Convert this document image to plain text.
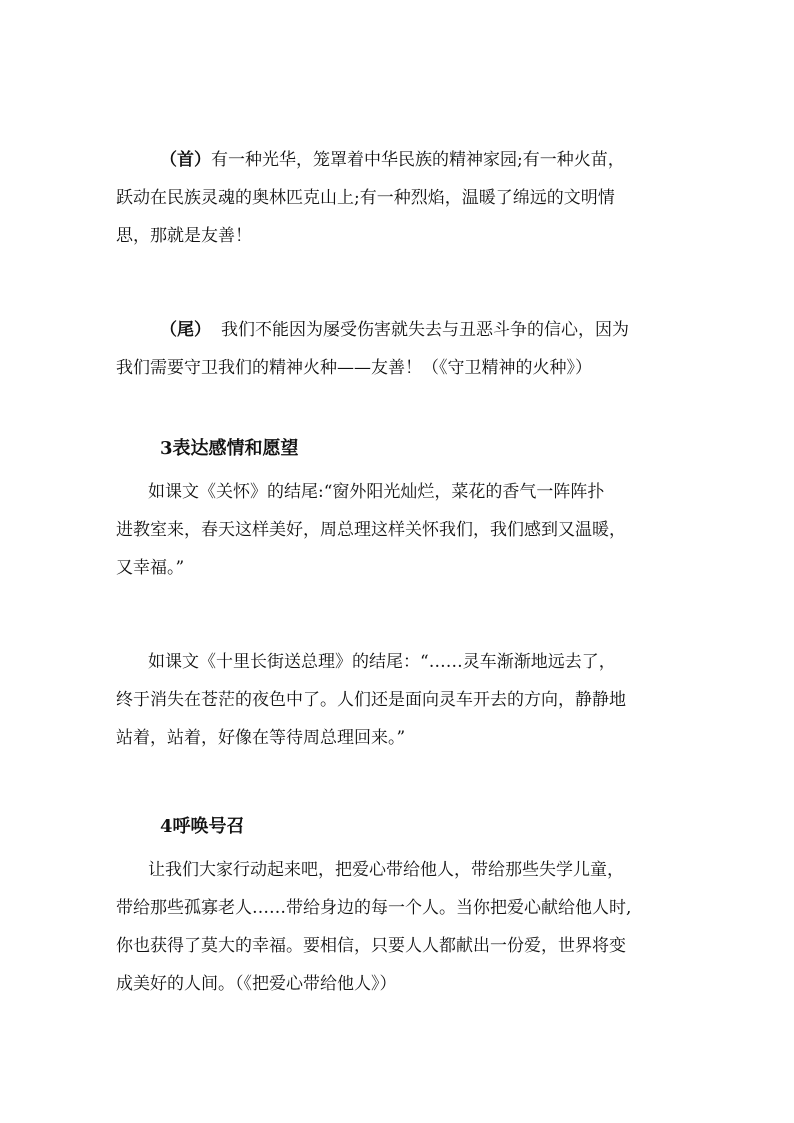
（首）有一种光华，笼罩着中华民族的精神家园;有一种火苗，
跃动在民族灵魂的奥林匹克山上;有一种烈焰，温暖了绵远的文明情
思，那就是友善！
（尾） 我们不能因为屡受伤害就失去与丑恶斗争的信心，因为
我们需要守卫我们的精神火种——友善！（《守卫精神的火种》）
3表达感情和愿望
如课文《关怀》的结尾:“窗外阳光灿烂，菜花的香气一阵阵扑
进教室来，春天这样美好，周总理这样关怀我们，我们感到又温暖，
又幸福。”
如课文《十里长街送总理》的结尾：“……灵车渐渐地远去了，
终于消失在苍茫的夜色中了。人们还是面向灵车开去的方向，静静地
站着，站着，好像在等待周总理回来。”
4呼唤号召
让我们大家行动起来吧，把爱心带给他人，带给那些失学儿童，
带给那些孤寡老人……带给身边的每一个人。当你把爱心献给他人时,
你也获得了莫大的幸福。要相信，只要人人都献出一份爱，世界将变
成美好的人间。（《把爱心带给他人》）
